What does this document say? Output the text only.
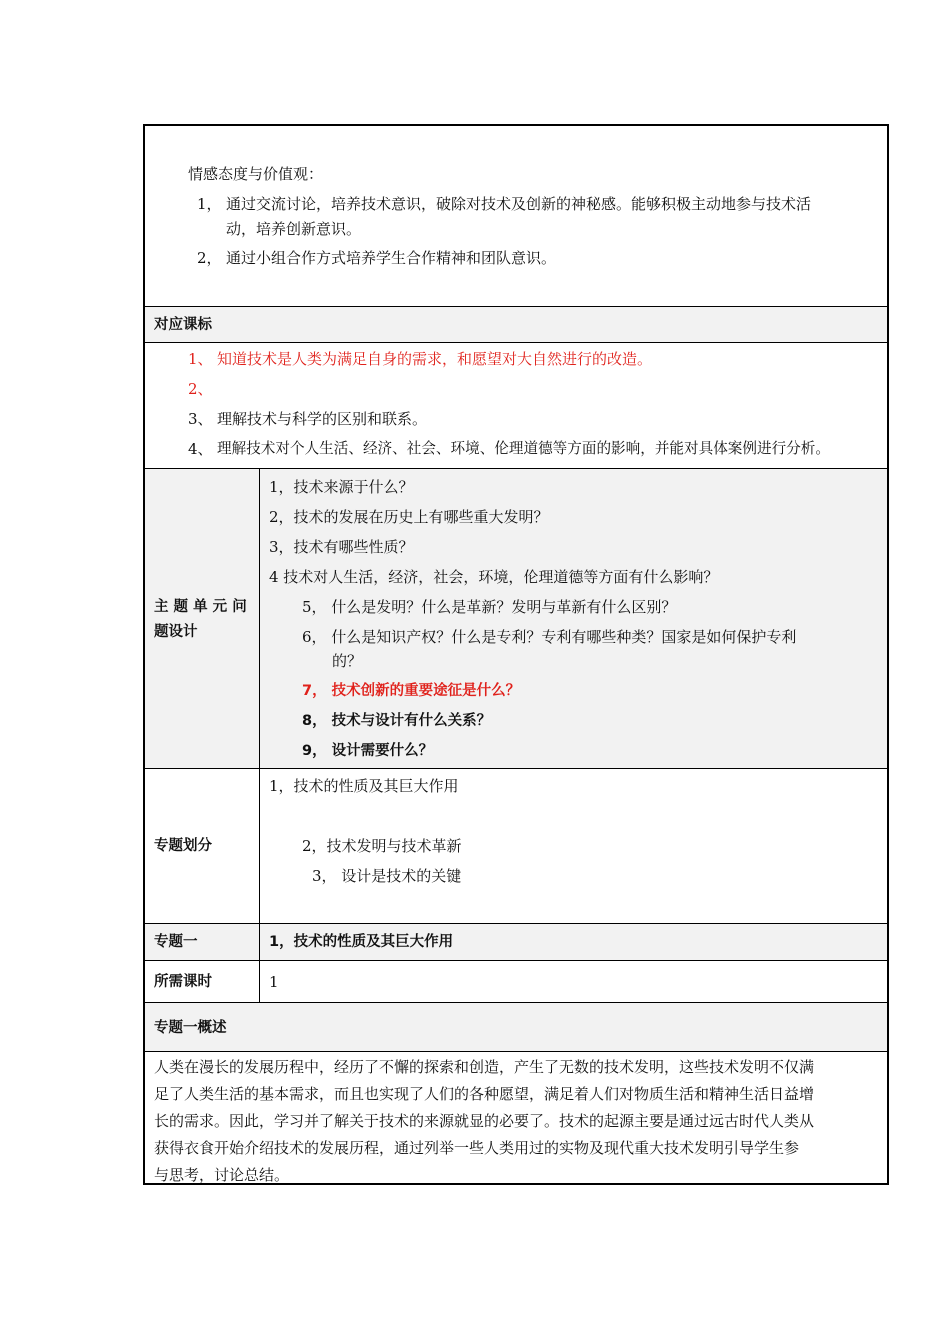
情感态度与价值观：
1， 通过交流讨论，培养技术意识，破除对技术及创新的神秘感。能够积极主动地参与技术活
动，培养创新意识。
2， 通过小组合作方式培养学生合作精神和团队意识。
对应课标
1、 知道技术是人类为满足自身的需求，和愿望对大自然进行的改造。
2、
3、 理解技术与科学的区别和联系。
4、 理解技术对个人生活、经济、社会、环境、伦理道德等方面的影响，并能对具体案例进行分析。
主 题 单 元 问
题设计
1，技术来源于什么？
2，技术的发展在历史上有哪些重大发明？
3，技术有哪些性质？
4 技术对人生活，经济，社会，环境，伦理道德等方面有什么影响？
5， 什么是发明？什么是革新？发明与革新有什么区别？
6， 什么是知识产权？什么是专利？专利有哪些种类？国家是如何保护专利
的？
7， 技术创新的重要途征是什么？
8， 技术与设计有什么关系？
9， 设计需要什么？
专题划分
1，技术的性质及其巨大作用
2，技术发明与技术革新
3， 设计是技术的关键
专题一	1，技术的性质及其巨大作用
所需课时	1
专题一概述
人类在漫长的发展历程中，经历了不懈的探索和创造，产生了无数的技术发明，这些技术发明不仅满
足了人类生活的基本需求，而且也实现了人们的各种愿望，满足着人们对物质生活和精神生活日益增
长的需求。因此，学习并了解关于技术的来源就显的必要了。技术的起源主要是通过远古时代人类从
获得衣食开始介绍技术的发展历程，通过列举一些人类用过的实物及现代重大技术发明引导学生参
与思考，讨论总结。
